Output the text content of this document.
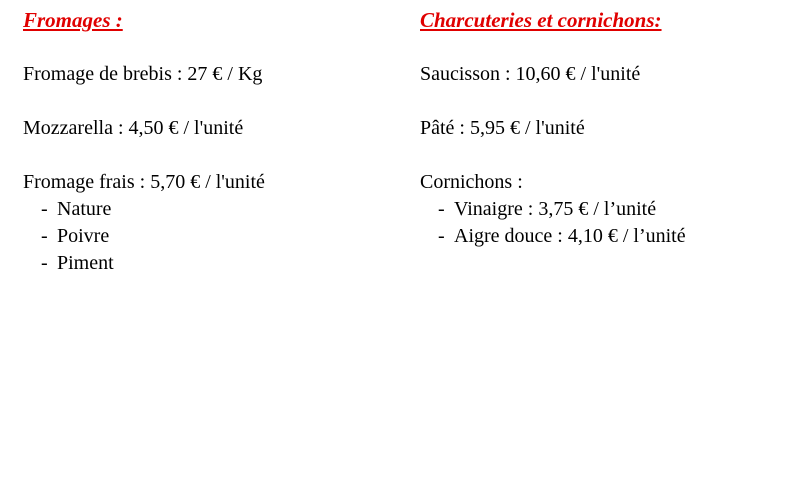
Fromages :

Fromage de brebis : 27 € / Kg

Mozzarella : 4,50 € / l'unité

Fromage frais : 5,70 € / l'unité

- Nature
- Poivre
- Piment

Charcuteries et cornichons:

Saucisson : 10,60 € / l'unité

Pâté : 5,95 € / l'unité

Cornichons :

- Vinaigre : 3,75 € / l’unité
- Aigre douce : 4,10 € / l’unité
